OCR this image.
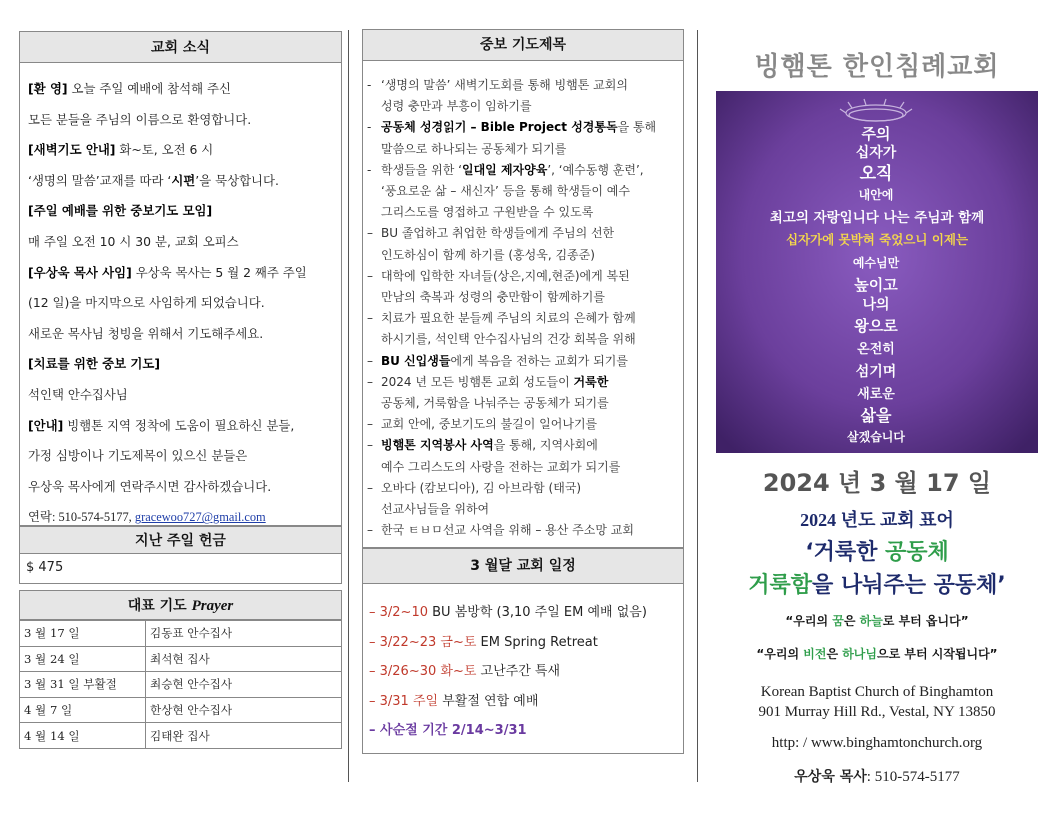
교회 소식
[환 영] 오늘 주일 예배에 참석해 주신
모든 분들을 주님의 이름으로 환영합니다.
[새벽기도 안내] 화~토, 오전 6 시
‘생명의 말씀’교재를 따라 ‘시편’을 묵상합니다.
[주일 예배를 위한 중보기도 모임]
매 주일 오전 10 시 30 분, 교회 오피스
[우상욱 목사 사임] 우상욱 목사는 5 월 2 째주 주일
(12 일)을 마지막으로 사임하게 되었습니다.
새로운 목사님 청빙을 위해서 기도해주세요.
[치료를 위한 중보 기도]
석인택 안수집사님
[안내] 빙햄톤 지역 정착에 도움이 필요하신 분들,
가정 심방이나 기도제목이 있으신 분들은
우상욱 목사에게 연락주시면 감사하겠습니다.
연락: 510-574-5177, gracewoo727@gmail.com
지난 주일 헌금
$ 475
대표 기도 Prayer
3 월 17 일	김동표 안수집사
3 월 24 일	최석현 집사
3 월 31 일 부활절	최승현 안수집사
4 월 7 일	한상현 안수집사
4 월 14 일	김태완 집사
중보 기도제목
- ‘생명의 말씀’ 새벽기도회를 통해 빙햄톤 교회의
성령 충만과 부흥이 임하기를
- 공동체 성경읽기 – Bible Project 성경통독을 통해
말씀으로 하나되는 공동체가 되기를
- 학생들을 위한 ‘일대일 제자양육’, ‘예수동행 훈련’,
‘풍요로운 삶 – 새신자’ 등을 통해 학생들이 예수
그리스도를 영접하고 구원받을 수 있도록
– BU 졸업하고 취업한 학생들에게 주님의 선한
인도하심이 함께 하기를 (홍성욱, 김종준)
– 대학에 입학한 자녀들(상은,지예,현준)에게 복된
만남의 축복과 성령의 충만함이 함께하기를
– 치료가 필요한 분들께 주님의 치료의 은혜가 함께
하시기를, 석인택 안수집사님의 건강 회복을 위해
– BU 신입생들에게 복음을 전하는 교회가 되기를
– 2024 년 모든 빙햄톤 교회 성도들이 거룩한
공동체, 거룩함을 나눠주는 공동체가 되기를
– 교회 안에, 중보기도의 불길이 일어나기를
– 빙햄톤 지역봉사 사역을 통해, 지역사회에
예수 그리스도의 사랑을 전하는 교회가 되기를
– 오바다 (캄보디아), 김 아브라함 (태국)
선교사님들을 위하여
– 한국 ㅌㅂㅁ선교 사역을 위해 – 용산 주소망 교회
3 월달 교회 일정
– 3/2~10 BU 봄방학 (3,10 주일 EM 예배 없음)
– 3/22~23 금~토 EM Spring Retreat
– 3/26~30 화~토 고난주간 특새
– 3/31 주일 부활절 연합 예배
– 사순절 기간 2/14~3/31
빙햄톤 한인침례교회
주의
십자가
오직
내안에
최고의 자랑입니다 나는 주님과 함께
십자가에 못박혀 죽었으니 이제는
예수님만
높이고
나의
왕으로
온전히
섬기며
새로운
삶을
살겠습니다
2024 년 3 월 17 일
2024 년도 교회 표어
‘거룩한 공동체
거룩함을 나눠주는 공동체’
“우리의 꿈은 하늘로 부터 옵니다”
“우리의 비전은 하나님으로 부터 시작됩니다”
Korean Baptist Church of Binghamton
901 Murray Hill Rd., Vestal, NY 13850
http: / www.binghamtonchurch.org
우상욱 목사: 510-574-5177
